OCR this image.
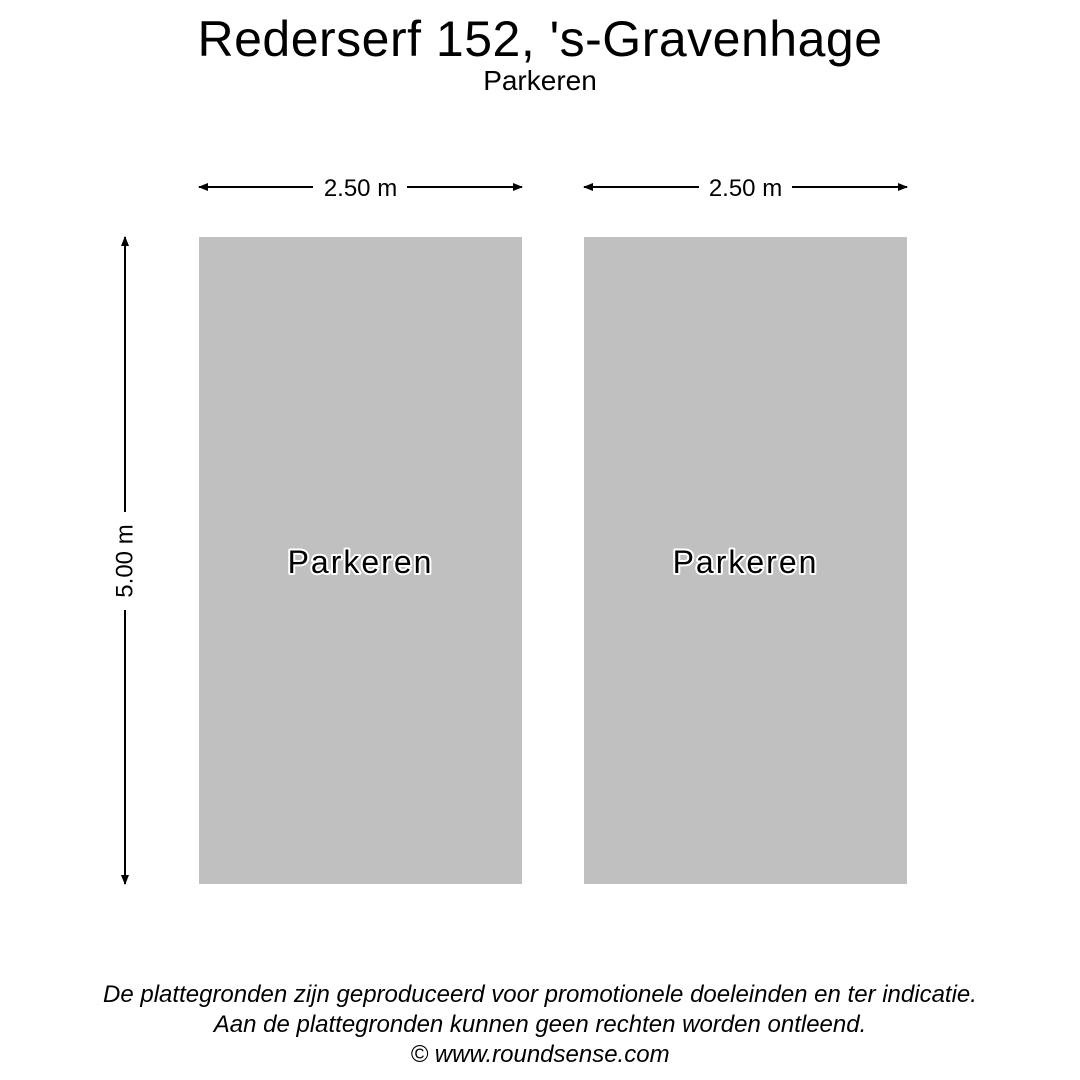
Rederserf 152, 's-Gravenhage
Parkeren
Parkeren	Parkeren
2.50 m	2.50 m
5.00 m
De plattegronden zijn geproduceerd voor promotionele doeleinden en ter indicatie.
Aan de plattegronden kunnen geen rechten worden ontleend.
© www.roundsense.com
